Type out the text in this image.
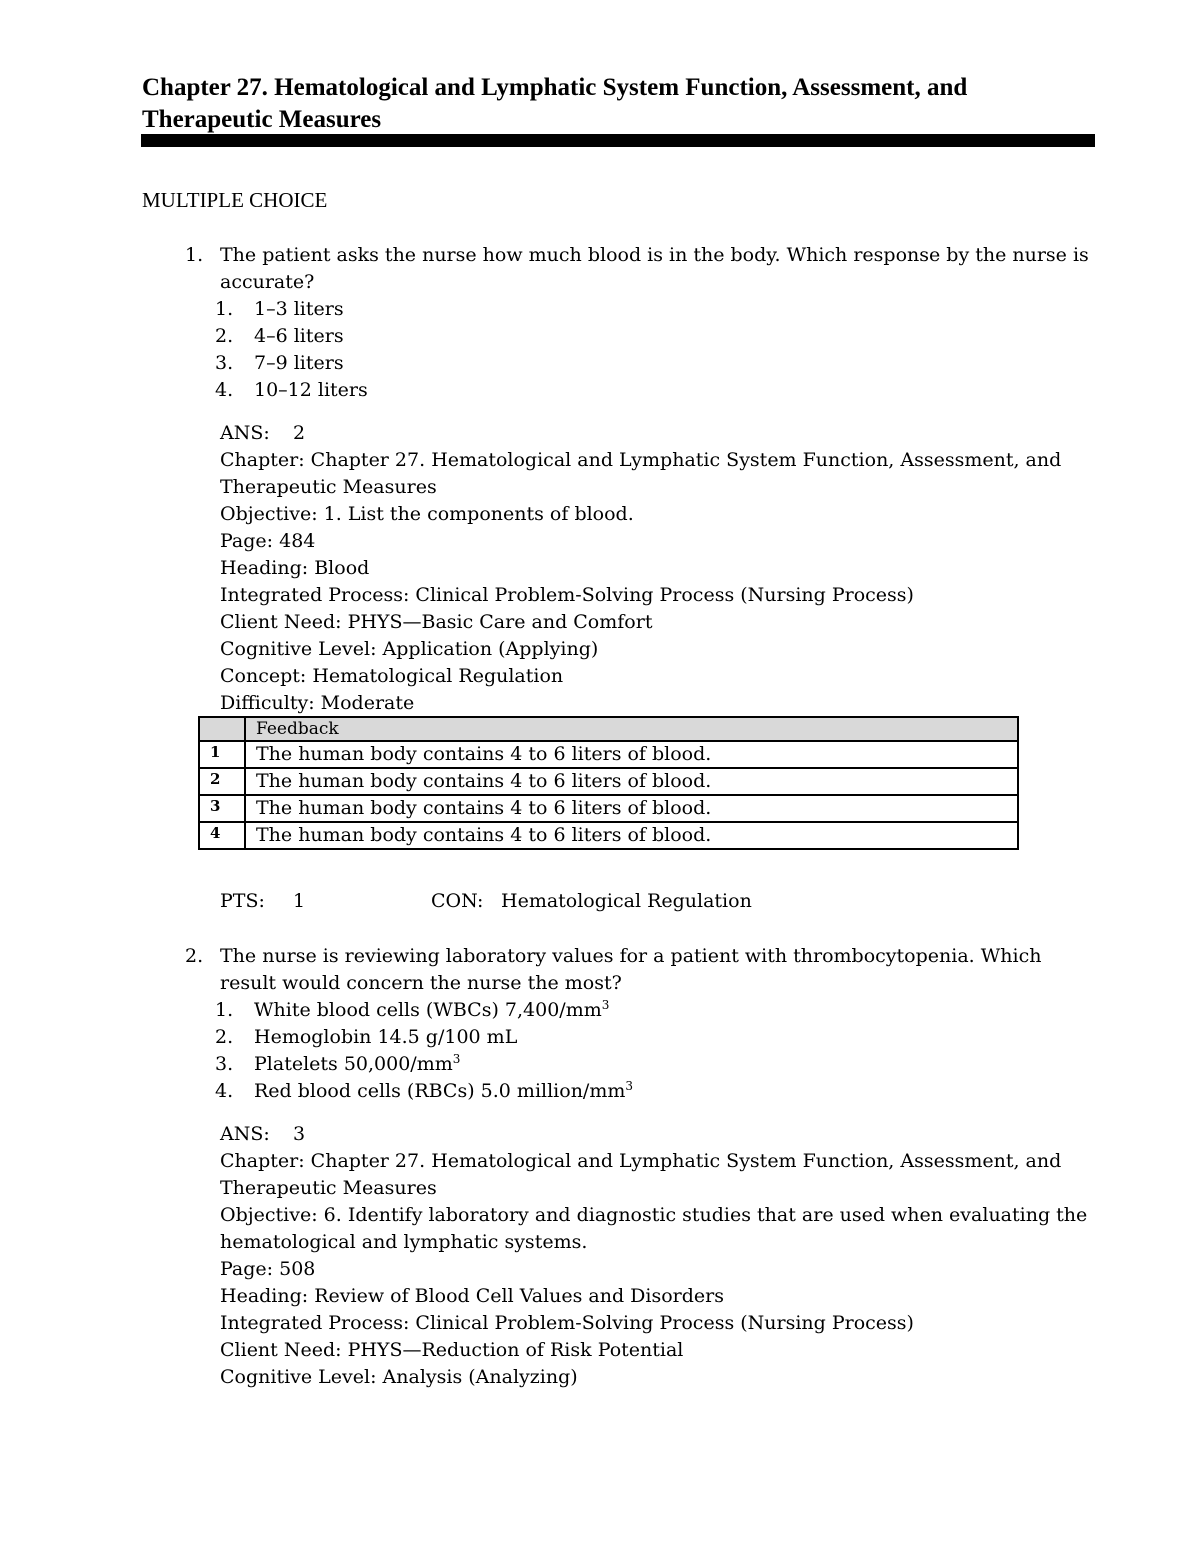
Chapter 27. Hematological and Lymphatic System Function, Assessment, and Therapeutic Measures
MULTIPLE CHOICE
1. The patient asks the nurse how much blood is in the body. Which response by the nurse is accurate?
1. 1–3 liters
2. 4–6 liters
3. 7–9 liters
4. 10–12 liters
ANS: 2
Chapter: Chapter 27. Hematological and Lymphatic System Function, Assessment, and Therapeutic Measures
Objective: 1. List the components of blood.
Page: 484
Heading: Blood
Integrated Process: Clinical Problem-Solving Process (Nursing Process)
Client Need: PHYS—Basic Care and Comfort
Cognitive Level: Application (Applying)
Concept: Hematological Regulation
Difficulty: Moderate
	Feedback
1	The human body contains 4 to 6 liters of blood.
2	The human body contains 4 to 6 liters of blood.
3	The human body contains 4 to 6 liters of blood.
4	The human body contains 4 to 6 liters of blood.
PTS: 1	CON: Hematological Regulation
2. The nurse is reviewing laboratory values for a patient with thrombocytopenia. Which result would concern the nurse the most?
1. White blood cells (WBCs) $7,400/mm^3$
2. Hemoglobin 14.5 g/100 mL
3. Platelets $50,000/mm^3$
4. Red blood cells (RBCs) 5.0 million/$mm^3$
ANS: 3
Chapter: Chapter 27. Hematological and Lymphatic System Function, Assessment, and Therapeutic Measures
Objective: 6. Identify laboratory and diagnostic studies that are used when evaluating the hematological and lymphatic systems.
Page: 508
Heading: Review of Blood Cell Values and Disorders
Integrated Process: Clinical Problem-Solving Process (Nursing Process)
Client Need: PHYS—Reduction of Risk Potential
Cognitive Level: Analysis (Analyzing)
